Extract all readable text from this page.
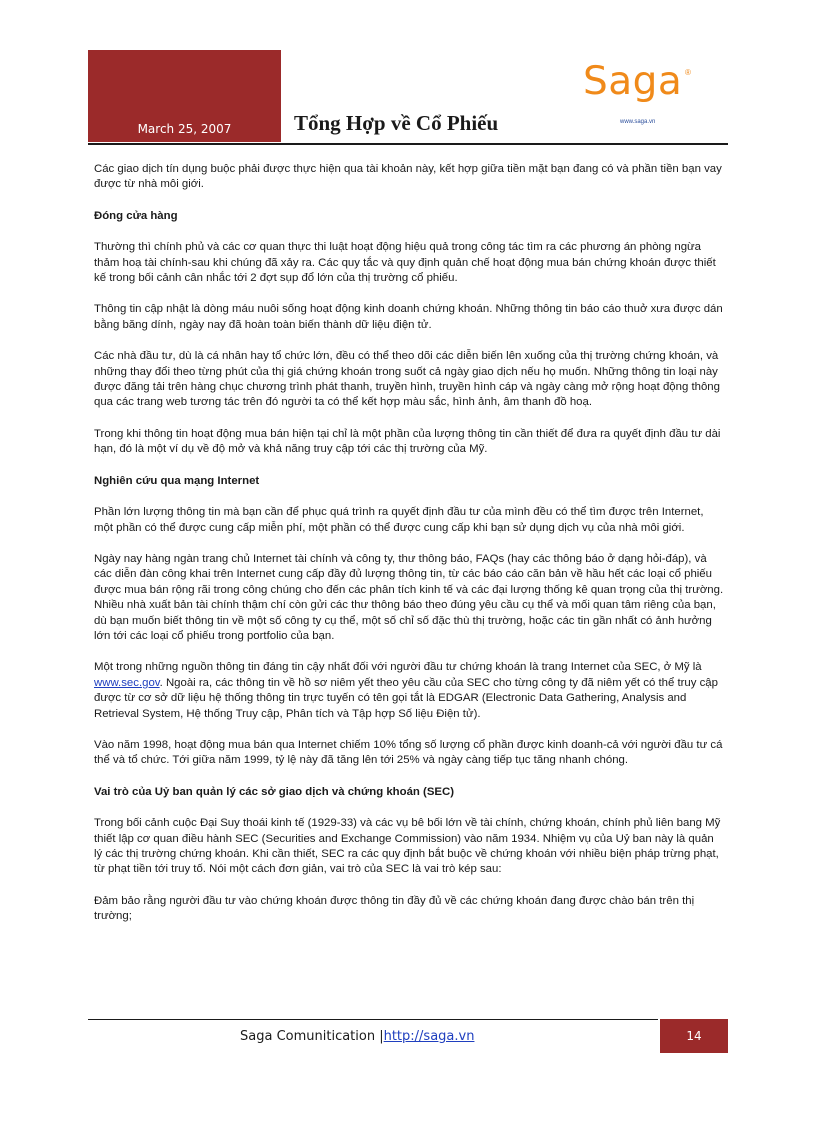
March 25, 2007	Tổng Hợp về Cổ Phiếu
Saga ®
www.saga.vn

Các giao dịch tín dụng buộc phải được thực hiện qua tài khoản này, kết hợp giữa tiền mặt bạn đang có và phần tiền bạn vay được từ nhà môi giới.

Đóng cửa hàng

Thường thì chính phủ và các cơ quan thực thi luật hoạt động hiệu quả trong công tác tìm ra các phương án phòng ngừa thảm hoạ tài chính-sau khi chúng đã xảy ra. Các quy tắc và quy định quản chế hoạt động mua bán chứng khoán được thiết kế trong bối cảnh cân nhắc tới 2 đợt sụp đổ lớn của thị trường cổ phiếu.

Thông tin cập nhật là dòng máu nuôi sống hoạt động kinh doanh chứng khoán. Những thông tin báo cáo thuở xưa được dán bằng băng dính, ngày nay đã hoàn toàn biến thành dữ liệu điện tử.

Các nhà đầu tư, dù là cá nhân hay tổ chức lớn, đều có thể theo dõi các diễn biến lên xuống của thị trường chứng khoán, và những thay đổi theo từng phút của thị giá chứng khoán trong suốt cả ngày giao dịch nếu họ muốn. Những thông tin loại này được đăng tải trên hàng chục chương trình phát thanh, truyền hình, truyền hình cáp và ngày càng mở rộng hoạt động thông qua các trang web tương tác trên đó người ta có thể kết hợp màu sắc, hình ảnh, âm thanh đồ hoạ.

Trong khi thông tin hoạt động mua bán hiện tại chỉ là một phần của lượng thông tin cần thiết để đưa ra quyết định đầu tư dài hạn, đó là một ví dụ về độ mở và khả năng truy cập tới các thị trường của Mỹ.

Nghiên cứu qua mạng Internet

Phần lớn lượng thông tin mà bạn cần để phục quá trình ra quyết định đầu tư của mình đều có thể tìm được trên Internet, một phần có thể được cung cấp miễn phí, một phần có thể được cung cấp khi bạn sử dụng dịch vụ của nhà môi giới.

Ngày nay hàng ngàn trang chủ Internet tài chính và công ty, thư thông báo, FAQs (hay các thông báo ở dạng hỏi-đáp), và các diễn đàn công khai trên Internet cung cấp đầy đủ lượng thông tin, từ các báo cáo căn bản về hầu hết các loại cổ phiếu được mua bán rộng rãi trong công chúng cho đến các phân tích kinh tế và các đại lượng thống kê quan trọng của thị trường. Nhiều nhà xuất bản tài chính thậm chí còn gửi các thư thông báo theo đúng yêu cầu cụ thể và mối quan tâm riêng của bạn, dù bạn muốn biết thông tin về một số công ty cụ thể, một số chỉ số đặc thù thị trường, hoặc các tin gần nhất có ảnh hưởng lớn tới các loại cổ phiếu trong portfolio của bạn.

Một trong những nguồn thông tin đáng tin cậy nhất đối với người đầu tư chứng khoán là trang Internet của SEC, ở Mỹ là www.sec.gov. Ngoài ra, các thông tin về hồ sơ niêm yết theo yêu cầu của SEC cho từng công ty đã niêm yết có thể truy cập được từ cơ sở dữ liệu hệ thống thông tin trực tuyến có tên gọi tắt là EDGAR (Electronic Data Gathering, Analysis and Retrieval System, Hệ thống Truy cập, Phân tích và Tập hợp Số liệu Điện tử).

Vào năm 1998, hoạt động mua bán qua Internet chiếm 10% tổng số lượng cổ phần được kinh doanh-cả với người đầu tư cá thể và tổ chức. Tới giữa năm 1999, tỷ lệ này đã tăng lên tới 25% và ngày càng tiếp tục tăng nhanh chóng.

Vai trò của Uỷ ban quản lý các sở giao dịch và chứng khoán (SEC)

Trong bối cảnh cuộc Đại Suy thoái kinh tế (1929-33) và các vụ bê bối lớn về tài chính, chứng khoán, chính phủ liên bang Mỹ thiết lập cơ quan điều hành SEC (Securities and Exchange Commission) vào năm 1934. Nhiệm vụ của Uỷ ban này là quản lý các thị trường chứng khoán. Khi cần thiết, SEC ra các quy định bắt buộc về chứng khoán với nhiều biện pháp trừng phạt, từ phạt tiền tới truy tố. Nói một cách đơn giản, vai trò của SEC là vai trò kép sau:

Đảm bảo rằng người đầu tư vào chứng khoán được thông tin đầy đủ về các chứng khoán đang được chào bán trên thị trường;

Saga Comunitication |http://saga.vn	14
